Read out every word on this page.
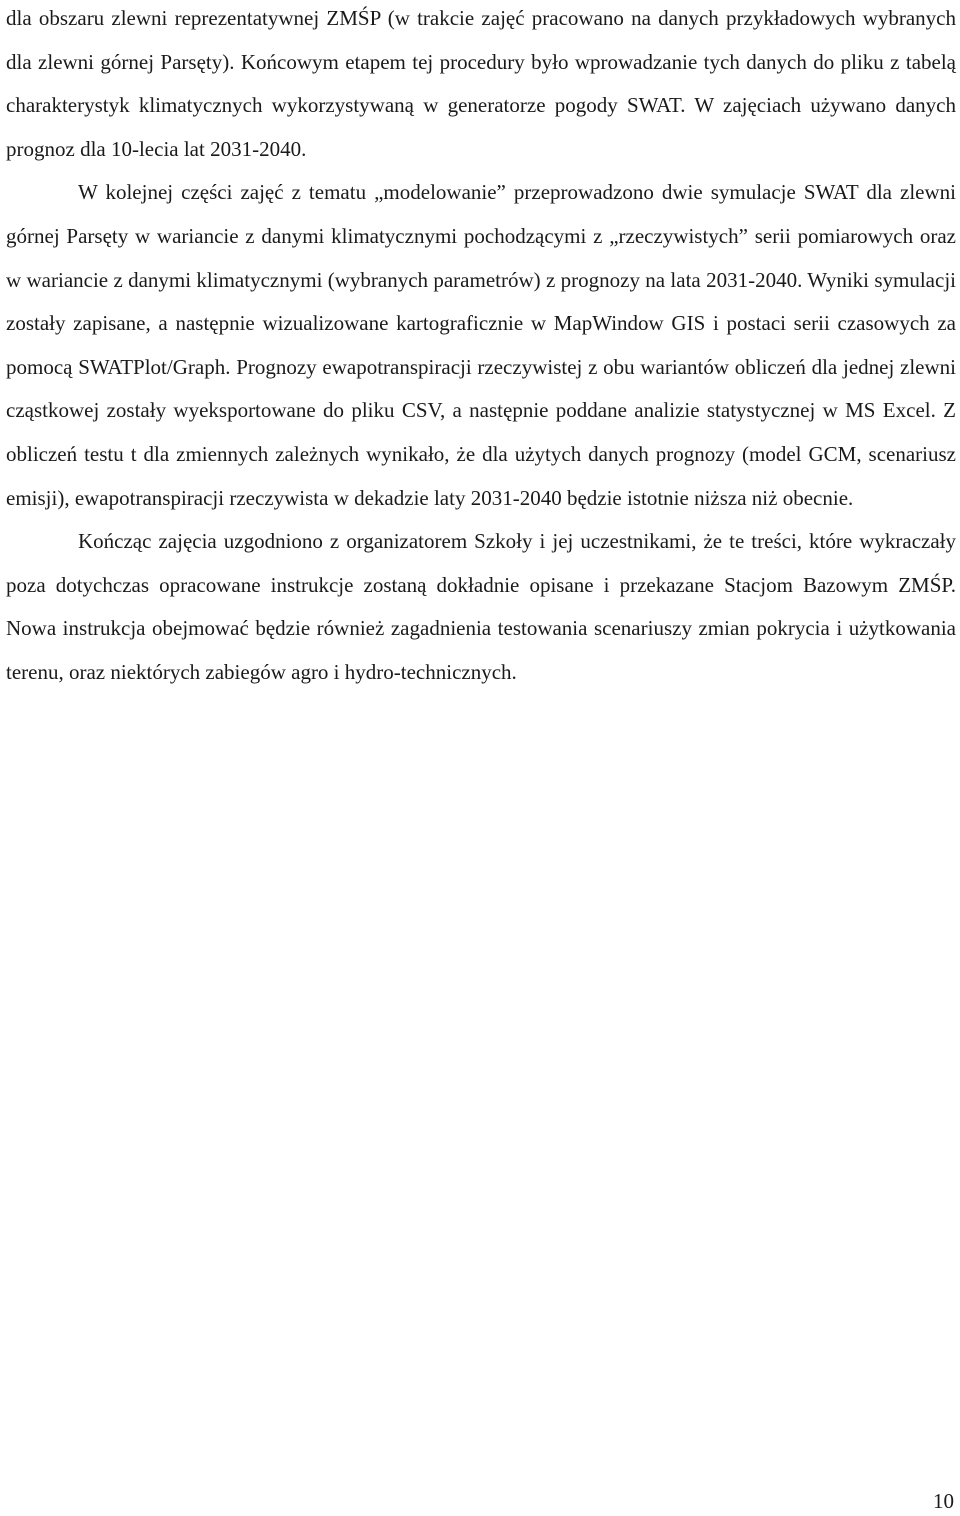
dla obszaru zlewni reprezentatywnej ZMŚP (w trakcie zajęć pracowano na danych przykładowych wybranych dla zlewni górnej Parsęty). Końcowym etapem tej procedury było wprowadzanie tych danych do pliku z tabelą charakterystyk klimatycznych wykorzystywaną w generatorze pogody SWAT. W zajęciach używano danych prognoz dla 10-lecia lat 2031-2040.

W kolejnej części zajęć z tematu „modelowanie” przeprowadzono dwie symulacje SWAT dla zlewni górnej Parsęty w wariancie z danymi klimatycznymi pochodzącymi z „rzeczywistych” serii pomiarowych oraz w wariancie z danymi klimatycznymi (wybranych parametrów) z prognozy na lata 2031-2040. Wyniki symulacji zostały zapisane, a następnie wizualizowane kartograficznie w MapWindow GIS i postaci serii czasowych za pomocą SWATPlot/Graph. Prognozy ewapotranspiracji rzeczywistej z obu wariantów obliczeń dla jednej zlewni cząstkowej zostały wyeksportowane do pliku CSV, a następnie poddane analizie statystycznej w MS Excel. Z obliczeń testu t dla zmiennych zależnych wynikało, że dla użytych danych prognozy (model GCM, scenariusz emisji), ewapotranspiracji rzeczywista w dekadzie laty 2031-2040 będzie istotnie niższa niż obecnie.

Kończąc zajęcia uzgodniono z organizatorem Szkoły i jej uczestnikami, że te treści, które wykraczały poza dotychczas opracowane instrukcje zostaną dokładnie opisane i przekazane Stacjom Bazowym ZMŚP. Nowa instrukcja obejmować będzie również zagadnienia testowania scenariuszy zmian pokrycia i użytkowania terenu, oraz niektórych zabiegów agro i hydro-technicznych.

10
